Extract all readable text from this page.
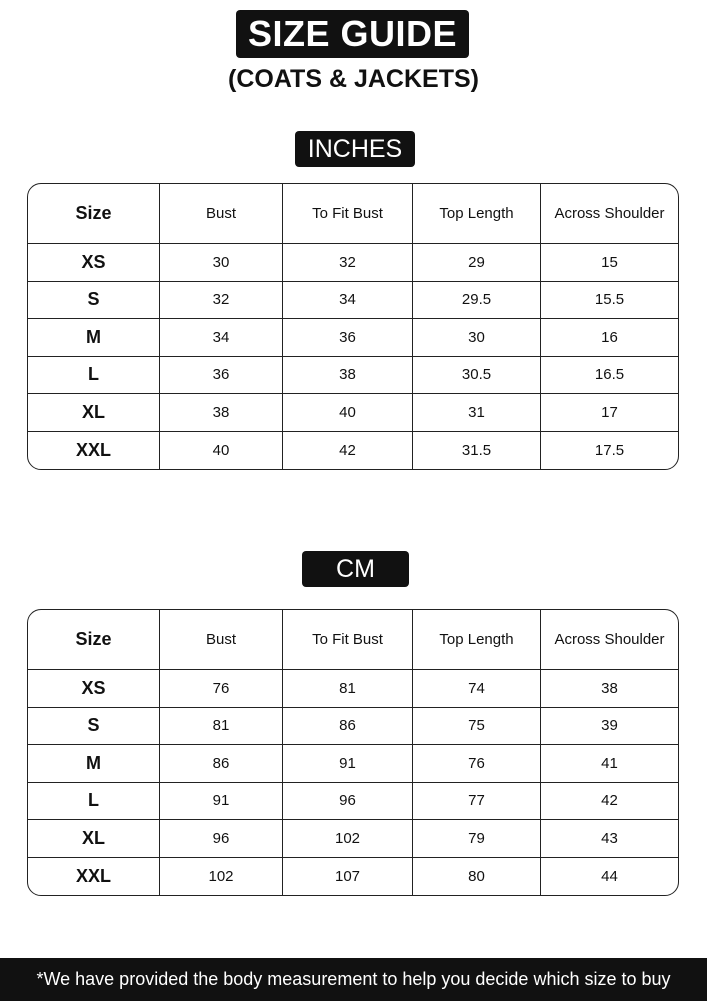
SIZE GUIDE
(COATS & JACKETS)
INCHES
Size	Bust	To Fit Bust	Top Length	Across Shoulder
XS	30	32	29	15
S	32	34	29.5	15.5
M	34	36	30	16
L	36	38	30.5	16.5
XL	38	40	31	17
XXL	40	42	31.5	17.5
CM
Size	Bust	To Fit Bust	Top Length	Across Shoulder
XS	76	81	74	38
S	81	86	75	39
M	86	91	76	41
L	91	96	77	42
XL	96	102	79	43
XXL	102	107	80	44
*We have provided the body measurement to help you decide which size to buy
